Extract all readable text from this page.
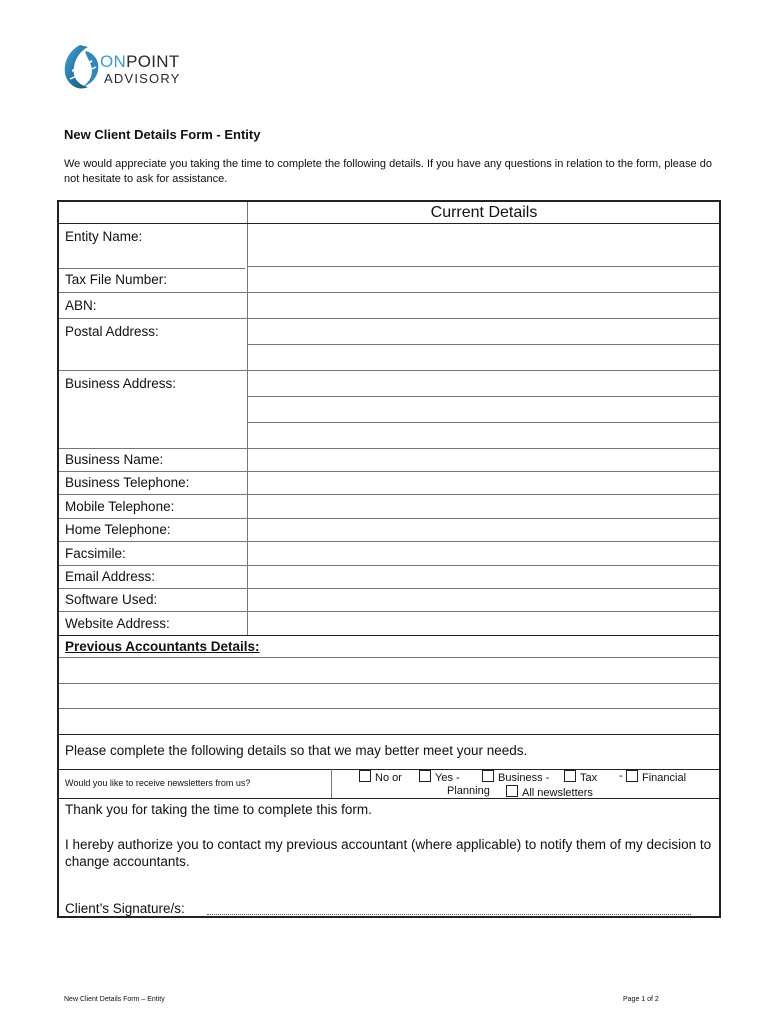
ONPOINT
ADVISORY
New Client Details Form - Entity
We would appreciate you taking the time to complete the following details. If you have any questions in relation to the form, please do not hesitate to ask for assistance.
Current Details
Entity Name:
Tax File Number:
ABN:
Postal Address:
Business Address:
Business Name:
Business Telephone:
Mobile Telephone:
Home Telephone:
Facsimile:
Email Address:
Software Used:
Website Address:
Previous Accountants Details:
Please complete the following details so that we may better meet your needs.
Would you like to receive newsletters from us?	No or	Yes -	Business -	Tax -	Financial
Planning	All newsletters
Thank you for taking the time to complete this form.
I hereby authorize you to contact my previous accountant (where applicable) to notify them of my decision to change accountants.
Client’s Signature/s:
New Client Details Form – Entity	Page 1 of 2
